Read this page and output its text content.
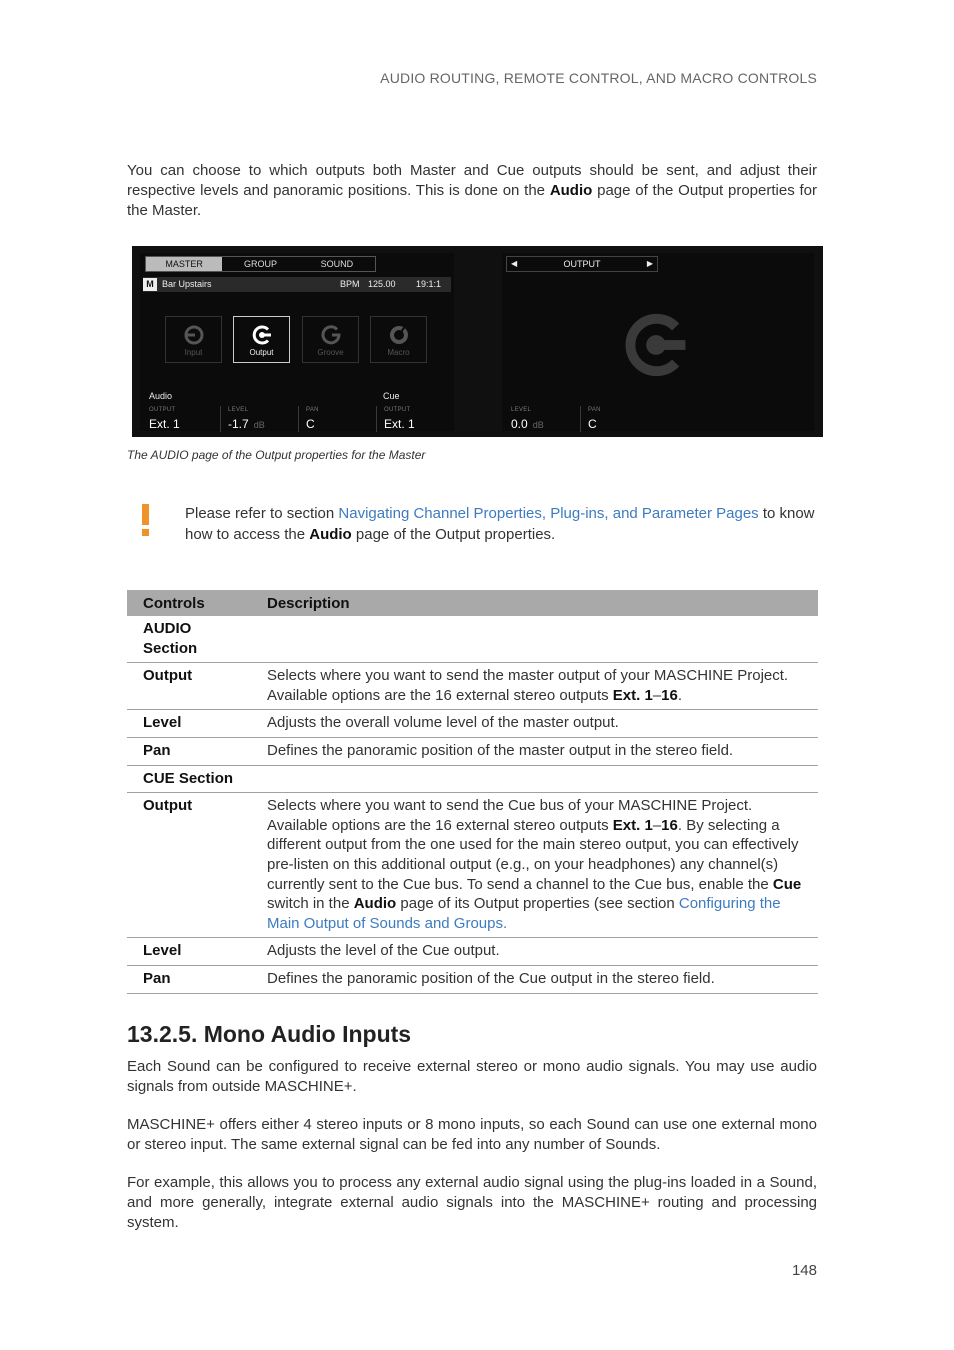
AUDIO ROUTING, REMOTE CONTROL, AND MACRO CONTROLS

You can choose to which outputs both Master and Cue outputs should be sent, and adjust their respective levels and panoramic positions. This is done on the Audio page of the Output properties for the Master.

MASTER	GROUP	SOUND
M Bar Upstairs	BPM 125.00 19:1:1
Input	Output	Groove	Macro
Audio	Cue
OUTPUT
Ext. 1
LEVEL
-1.7 dB
PAN
C
OUTPUT
Ext. 1
◀	OUTPUT	▶
LEVEL
0.0 dB
PAN
C
The AUDIO page of the Output properties for the Master

Please refer to section Navigating Channel Properties, Plug-ins, and Parameter Pages to know how to access the Audio page of the Output properties.

Controls	Description
AUDIO Section	
Output	Selects where you want to send the master output of your MASCHINE Project. Available options are the 16 external stereo outputs Ext. 1–16.
Level	Adjusts the overall volume level of the master output.
Pan	Defines the panoramic position of the master output in the stereo field.
CUE Section	
Output	Selects where you want to send the Cue bus of your MASCHINE Project. Available options are the 16 external stereo outputs Ext. 1–16. By selecting a different output from the one used for the main stereo output, you can effectively pre-listen on this additional output (e.g., on your headphones) any channel(s) currently sent to the Cue bus. To send a channel to the Cue bus, enable the Cue switch in the Audio page of its Output properties (see section Configuring the Main Output of Sounds and Groups.
Level	Adjusts the level of the Cue output.
Pan	Defines the panoramic position of the Cue output in the stereo field.
13.2.5. Mono Audio Inputs

Each Sound can be configured to receive external stereo or mono audio signals. You may use audio signals from outside MASCHINE+.

MASCHINE+ offers either 4 stereo inputs or 8 mono inputs, so each Sound can use one external mono or stereo input. The same external signal can be fed into any number of Sounds.

For example, this allows you to process any external audio signal using the plug-ins loaded in a Sound, and more generally, integrate external audio signals into the MASCHINE+ routing and processing system.

148
